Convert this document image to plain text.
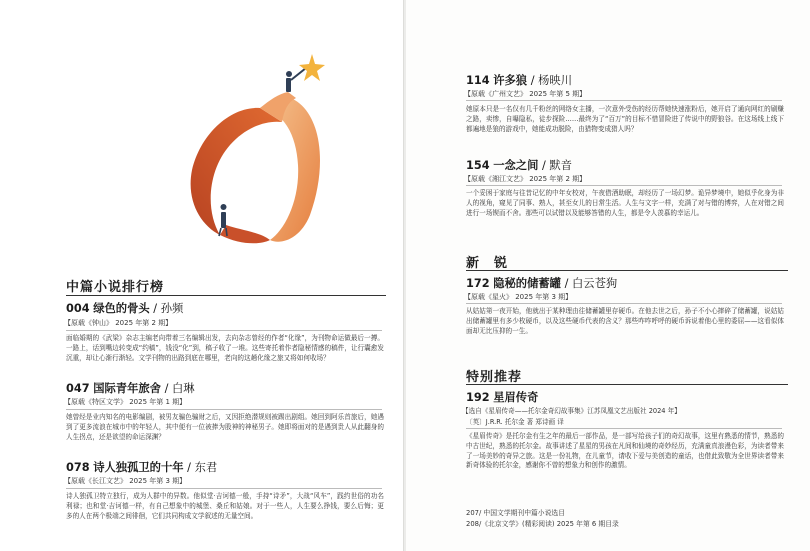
中篇小说排行榜
004 绿色的骨头 / 孙频
【原载《钟山》 2025 年第 2 期】
面临婚期的《武梁》杂志主编老向带着三名编辑出发，去向杂志曾经的作者“化缘”，为刊物命运做最后一搏。一路上，话到嘴边转变成“约稿”，钱没“化”到，稿子收了一堆。这些寄托着作者隐秘情感的稿件，让行囊愈发沉重，却让心渐行渐轻。文学刊物的出路到底在哪里，老向的这趟化缘之旅又将如何收场？
047 国际青年旅舍 / 白琳
【原载《特区文学》 2025 年第 1 期】
她曾经是业内知名的电影编剧，被男友骗色骗财之后，又因拒绝潜规则被踢出剧组。她回到阿乐首旅后，她遇到了更多流浪在城市中的年轻人，其中便有一位被捧为股神的神秘男子。她即将面对的是遇到贵人从此翻身的人生拐点，还是欲望的命运深渊？
078 诗人独孤卫的十年 / 东君
【原载《长江文艺》 2025 年第 3 期】
诗人独孤卫特立独行，成为人群中的异数。他似堂·吉诃德一般，手持“诗矛”，大战“风车”，践约世俗的功名利禄；也和堂·吉诃德一样，有自己想象中的城堡、桑丘和姑娘。对于一些人，人生要么挣钱，要么后悔；更多的人在两个极端之间徘徊，它们共同构成文学叙述的无量空间。
114 许多狼 / 杨映川
【原载《广州文艺》 2025 年第 5 期】
她原本只是一名仅有几千粉丝的网络女主播，一次意外受伤的经历帮她快速涨粉后，她开启了通向网红的刷赚之路，卖惨，自曝隐私，徒步探险……最终为了“百万”的目标不惜冒险进了传说中的野狼谷。在这场线上线下都遍地是狼的游戏中，她能成功脱险，由猎物变成猎人吗？
154 一念之间 / 默音
【原载《湘江文艺》 2025 年第 2 期】
一个妥困于家庭与往昔记忆的中年女校对，午夜借酒助眠，却经历了一场幻梦。诡异梦境中，她似乎化身为非人的视角，窥见了同事、熟人，甚至女儿的日常生活。人生与文字一样，充满了对与错的博弈，人在对错之间进行一场锲而不舍。那些可以试错以及能够答错的人生，都是令人羡慕的幸运儿。
新　锐
172 隐秘的储蓄罐 / 白云苍狗
【原载《星火》 2025 年第 3 期】
从姑姑第一夜开始，他就出于某种理由往储蓄罐里存硬币。在他去世之后，孙子不小心摔碎了储蓄罐，说姑姑出储蓄罐里有多少枚硬币，以及这些硬币代表的含义？那些咋咋呼呼的硬币诉说着他心里的委屈——这看似体面却无比压抑的一生。
特别推荐
192 星眉传奇
【选自《星眉传奇——托尔金奇幻故事集》江苏凤凰文艺出版社 2024 年】
〔英〕J.R.R. 托尔金 著 郑诗画 译
《星眉传奇》是托尔金有生之年的最后一部作品，是一部写给孩子们的奇幻故事，这里有熟悉的情节，熟悉的中古世纪，熟悉的托尔金。故事讲述了星星的男孩在凡间和仙境的奇妙经历，充满童真浪漫色彩，为读者带来了一场美妙的奇异之旅。这是一份礼物，在儿童节，请收下爱与美创造的童话，也借此致敬为全世界读者带来新奇体验的托尔金，感谢你不曾的想象力和创作的激情。
207/ 中国文学期刊中篇小说选目
208/《北京文学》(精彩阅读) 2025 年第 6 期目录
